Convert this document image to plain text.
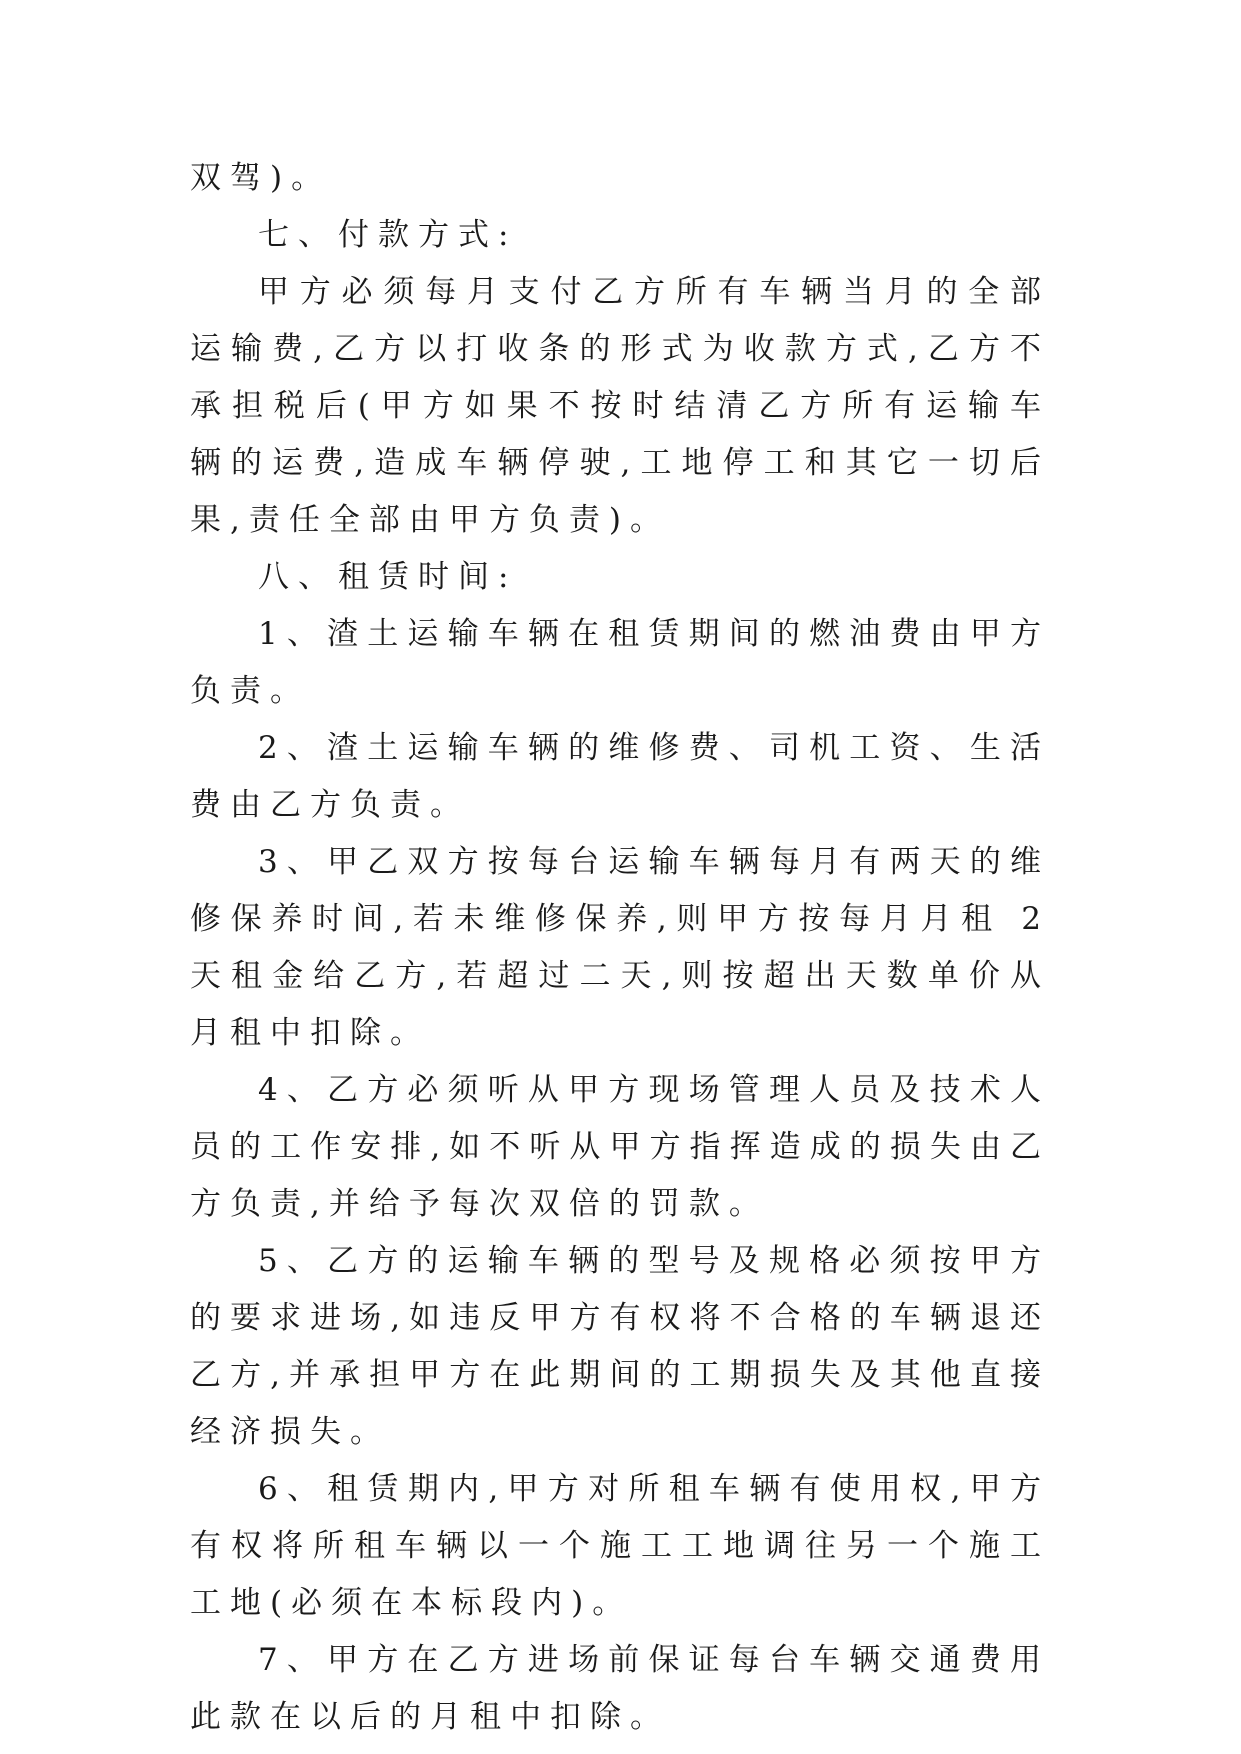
双驾)。

七、付款方式:

甲方必须每月支付乙方所有车辆当月的全部运输费,乙方以打收条的形式为收款方式,乙方不承担税后(甲方如果不按时结清乙方所有运输车辆的运费,造成车辆停驶,工地停工和其它一切后果,责任全部由甲方负责)。

八、租赁时间:

1、渣土运输车辆在租赁期间的燃油费由甲方负责。

2、渣土运输车辆的维修费、司机工资、生活费由乙方负责。

3、甲乙双方按每台运输车辆每月有两天的维修保养时间,若未维修保养,则甲方按每月月租 2 天租金给乙方,若超过二天,则按超出天数单价从月租中扣除。

4、乙方必须听从甲方现场管理人员及技术人员的工作安排,如不听从甲方指挥造成的损失由乙方负责,并给予每次双倍的罚款。

5、乙方的运输车辆的型号及规格必须按甲方的要求进场,如违反甲方有权将不合格的车辆退还乙方,并承担甲方在此期间的工期损失及其他直接经济损失。

6、租赁期内,甲方对所租车辆有使用权,甲方有权将所租车辆以一个施工工地调往另一个施工工地(必须在本标段内)。

7、甲方在乙方进场前保证每台车辆交通费用此款在以后的月租中扣除。
